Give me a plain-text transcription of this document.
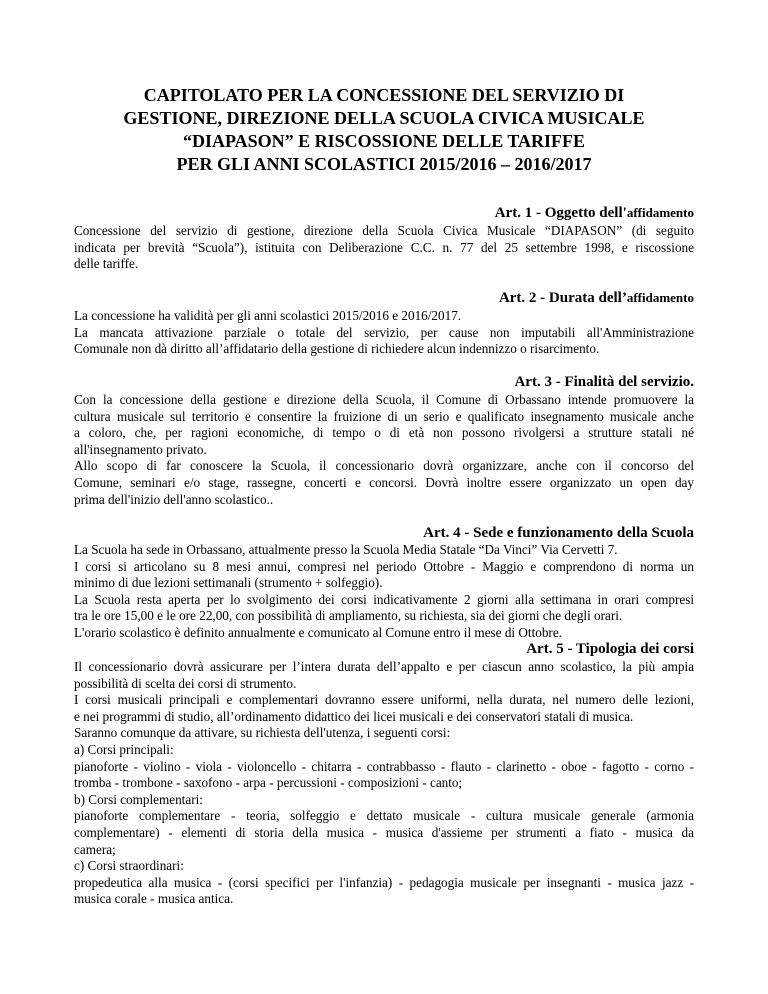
CAPITOLATO PER LA CONCESSIONE DEL SERVIZIO DI
GESTIONE, DIREZIONE DELLA SCUOLA CIVICA MUSICALE
“DIAPASON” E RISCOSSIONE DELLE TARIFFE
PER GLI ANNI SCOLASTICI 2015/2016 – 2016/2017
Art. 1 - Oggetto dell'affidamento
Concessione del servizio di gestione, direzione della Scuola Civica Musicale “DIAPASON” (di seguito
indicata per brevità “Scuola”), istituita con Deliberazione C.C. n. 77 del 25 settembre 1998, e riscossione
delle tariffe.
Art. 2 - Durata dell’affidamento
La concessione ha validità per gli anni scolastici 2015/2016 e 2016/2017.
La mancata attivazione parziale o totale del servizio, per cause non imputabili all'Amministrazione
Comunale non dà diritto all’affidatario della gestione di richiedere alcun indennizzo o risarcimento.
Art. 3 - Finalità del servizio.
Con la concessione della gestione e direzione della Scuola, il Comune di Orbassano intende promuovere la
cultura musicale sul territorio e consentire la fruizione di un serio e qualificato insegnamento musicale anche
a coloro, che, per ragioni economiche, di tempo o di età non possono rivolgersi a strutture statali né
all'insegnamento privato.
Allo scopo di far conoscere la Scuola, il concessionario dovrà organizzare, anche con il concorso del
Comune, seminari e/o stage, rassegne, concerti e concorsi. Dovrà inoltre essere organizzato un open day
prima dell'inizio dell'anno scolastico..
Art. 4 - Sede e funzionamento della Scuola
La Scuola ha sede in Orbassano, attualmente presso la Scuola Media Statale “Da Vinci” Via Cervetti 7.
I corsi si articolano su 8 mesi annui, compresi nel periodo Ottobre - Maggio e comprendono di norma un
minimo di due lezioni settimanali (strumento + solfeggio).
La Scuola resta aperta per lo svolgimento dei corsi indicativamente 2 giorni alla settimana in orari compresi
tra le ore 15,00 e le ore 22,00, con possibilità di ampliamento, su richiesta, sia dei giorni che degli orari.
L'orario scolastico è definito annualmente e comunicato al Comune entro il mese di Ottobre.
Art. 5 - Tipologia dei corsi
Il concessionario dovrà assicurare per l’intera durata dell’appalto e per ciascun anno scolastico, la più ampia
possibilità di scelta dei corsi di strumento.
I corsi musicali principali e complementari dovranno essere uniformi, nella durata, nel numero delle lezioni,
e nei programmi di studio, all’ordinamento didattico dei licei musicali e dei conservatori statali di musica.
Saranno comunque da attivare, su richiesta dell'utenza, i seguenti corsi:
a) Corsi principali:
pianoforte - violino - viola - violoncello - chitarra - contrabbasso - flauto - clarinetto - oboe - fagotto - corno -
tromba - trombone - saxofono - arpa - percussioni - composizioni - canto;
b) Corsi complementari:
pianoforte complementare - teoria, solfeggio e dettato musicale - cultura musicale generale (armonia
complementare) - elementi di storia della musica - musica d'assieme per strumenti a fiato - musica da
camera;
c) Corsi straordinari:
propedeutica alla musica - (corsi specifici per l'infanzia) - pedagogia musicale per insegnanti - musica jazz -
musica corale - musica antica.
